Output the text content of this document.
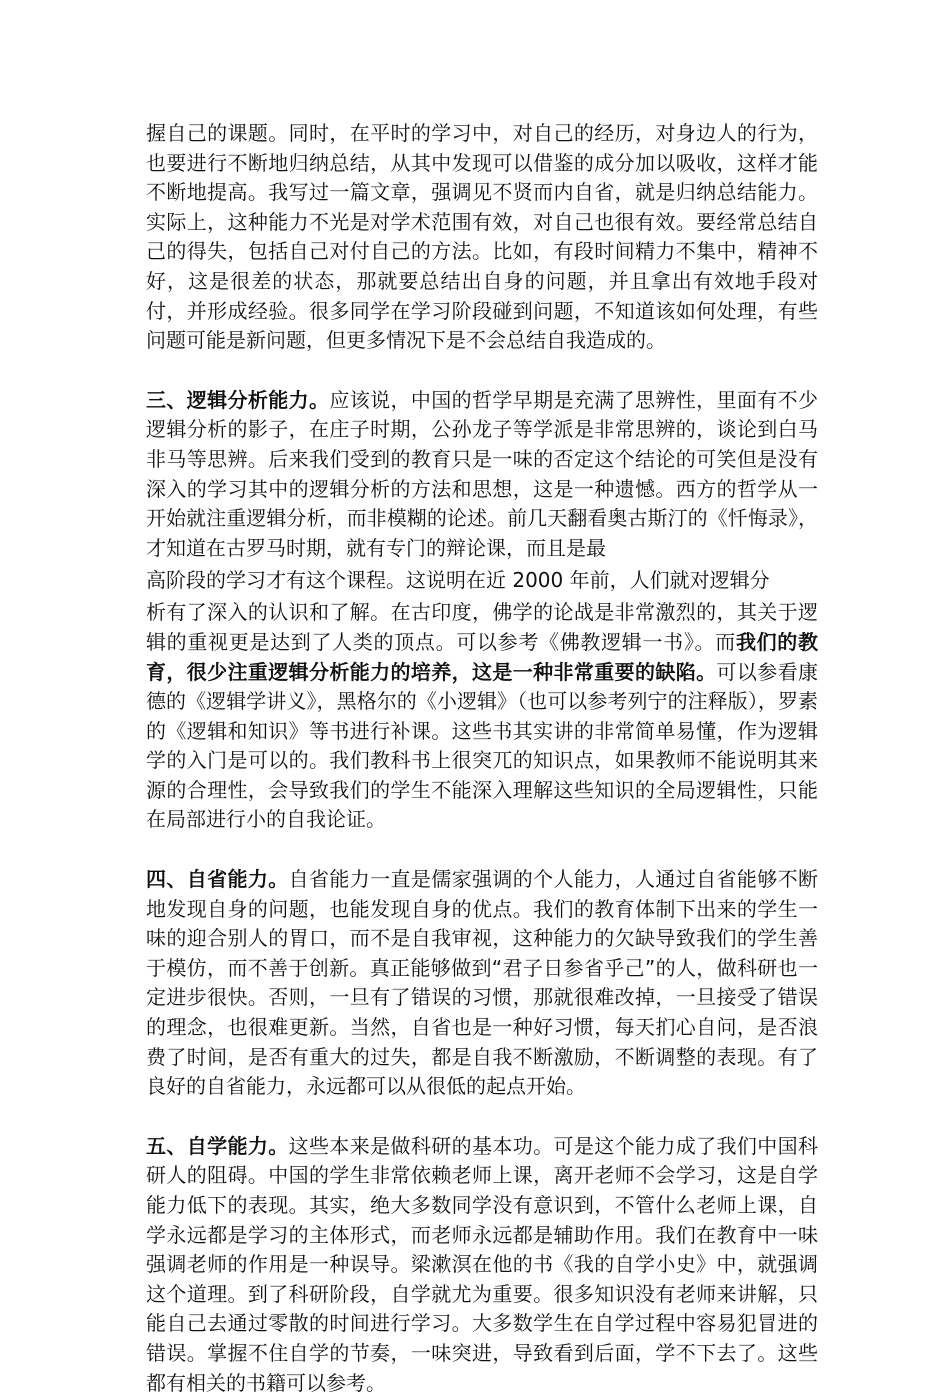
握自己的课题。同时，在平时的学习中，对自己的经历，对身边人的行为，也要进行不断地归纳总结，从其中发现可以借鉴的成分加以吸收，这样才能不断地提高。我写过一篇文章，强调见不贤而内自省，就是归纳总结能力。实际上，这种能力不光是对学术范围有效，对自己也很有效。要经常总结自己的得失，包括自己对付自己的方法。比如，有段时间精力不集中，精神不好，这是很差的状态，那就要总结出自身的问题，并且拿出有效地手段对付，并形成经验。很多同学在学习阶段碰到问题，不知道该如何处理，有些问题可能是新问题，但更多情况下是不会总结自我造成的。

三、逻辑分析能力。应该说，中国的哲学早期是充满了思辨性，里面有不少逻辑分析的影子，在庄子时期，公孙龙子等学派是非常思辨的，谈论到白马非马等思辨。后来我们受到的教育只是一味的否定这个结论的可笑但是没有深入的学习其中的逻辑分析的方法和思想，这是一种遗憾。西方的哲学从一开始就注重逻辑分析，而非模糊的论述。前几天翻看奥古斯汀的《忏悔录》，才知道在古罗马时期，就有专门的辩论课，而且是最

高阶段的学习才有这个课程。这说明在近 2000 年前，人们就对逻辑分

析有了深入的认识和了解。在古印度，佛学的论战是非常激烈的，其关于逻辑的重视更是达到了人类的顶点。可以参考《佛教逻辑一书》。而我们的教育，很少注重逻辑分析能力的培养，这是一种非常重要的缺陷。可以参看康德的《逻辑学讲义》，黑格尔的《小逻辑》（也可以参考列宁的注释版），罗素的《逻辑和知识》等书进行补课。这些书其实讲的非常简单易懂，作为逻辑学的入门是可以的。我们教科书上很突兀的知识点，如果教师不能说明其来源的合理性，会导致我们的学生不能深入理解这些知识的全局逻辑性，只能在局部进行小的自我论证。

四、自省能力。自省能力一直是儒家强调的个人能力，人通过自省能够不断地发现自身的问题，也能发现自身的优点。我们的教育体制下出来的学生一味的迎合别人的胃口，而不是自我审视，这种能力的欠缺导致我们的学生善于模仿，而不善于创新。真正能够做到“君子日参省乎己”的人，做科研也一定进步很快。否则，一旦有了错误的习惯，那就很难改掉，一旦接受了错误的理念，也很难更新。当然，自省也是一种好习惯，每天扪心自问，是否浪费了时间，是否有重大的过失，都是自我不断激励，不断调整的表现。有了良好的自省能力，永远都可以从很低的起点开始。

五、自学能力。这些本来是做科研的基本功。可是这个能力成了我们中国科研人的阻碍。中国的学生非常依赖老师上课，离开老师不会学习，这是自学能力低下的表现。其实，绝大多数同学没有意识到，不管什么老师上课，自学永远都是学习的主体形式，而老师永远都是辅助作用。我们在教育中一味强调老师的作用是一种误导。梁漱溟在他的书《我的自学小史》中，就强调这个道理。到了科研阶段，自学就尤为重要。很多知识没有老师来讲解，只能自己去通过零散的时间进行学习。大多数学生在自学过程中容易犯冒进的错误。掌握不住自学的节奏，一味突进，导致看到后面，学不下去了。这些都有相关的书籍可以参考。
